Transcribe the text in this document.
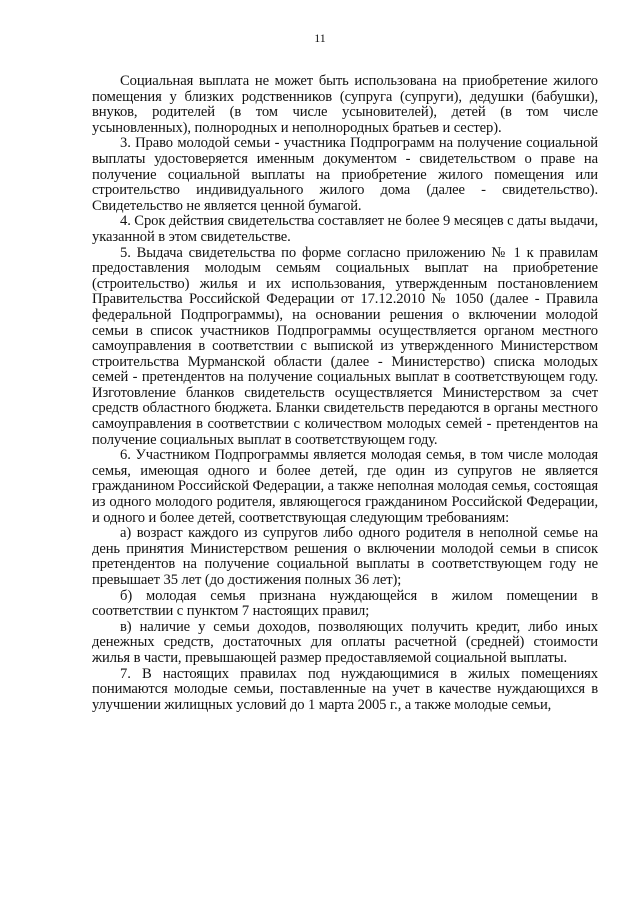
11

Социальная выплата не может быть использована на приобретение жилого помещения у близких родственников (супруга (супруги), дедушки (бабушки), внуков, родителей (в том числе усыновителей), детей (в том числе усыновленных), полнородных и неполнородных братьев и сестер).

3. Право молодой семьи - участника Подпрограмм на получение социальной выплаты удостоверяется именным документом - свидетельством о праве на получение социальной выплаты на приобретение жилого помещения или строительство индивидуального жилого дома (далее - свидетельство). Свидетельство не является ценной бумагой.

4. Срок действия свидетельства составляет не более 9 месяцев с даты выдачи, указанной в этом свидетельстве.

5. Выдача свидетельства по форме согласно приложению № 1 к правилам предоставления молодым семьям социальных выплат на приобретение (строительство) жилья и их использования, утвержденным постановлением Правительства Российской Федерации от 17.12.2010 № 1050 (далее - Правила федеральной Подпрограммы), на основании решения о включении молодой семьи в список участников Подпрограммы осуществляется органом местного самоуправления в соответствии с выпиской из утвержденного Министерством строительства Мурманской области (далее - Министерство) списка молодых семей - претендентов на получение социальных выплат в соответствующем году. Изготовление бланков свидетельств осуществляется Министерством за счет средств областного бюджета. Бланки свидетельств передаются в органы местного самоуправления в соответствии с количеством молодых семей - претендентов на получение социальных выплат в соответствующем году.

6. Участником Подпрограммы является молодая семья, в том числе молодая семья, имеющая одного и более детей, где один из супругов не является гражданином Российской Федерации, а также неполная молодая семья, состоящая из одного молодого родителя, являющегося гражданином Российской Федерации, и одного и более детей, соответствующая следующим требованиям:

а) возраст каждого из супругов либо одного родителя в неполной семье на день принятия Министерством решения о включении молодой семьи в список претендентов на получение социальной выплаты в соответствующем году не превышает 35 лет (до достижения полных 36 лет);

б) молодая семья признана нуждающейся в жилом помещении в соответствии с пунктом 7 настоящих правил;

в) наличие у семьи доходов, позволяющих получить кредит, либо иных денежных средств, достаточных для оплаты расчетной (средней) стоимости жилья в части, превышающей размер предоставляемой социальной выплаты.

7. В настоящих правилах под нуждающимися в жилых помещениях понимаются молодые семьи, поставленные на учет в качестве нуждающихся в улучшении жилищных условий до 1 марта 2005 г., а также молодые семьи,
